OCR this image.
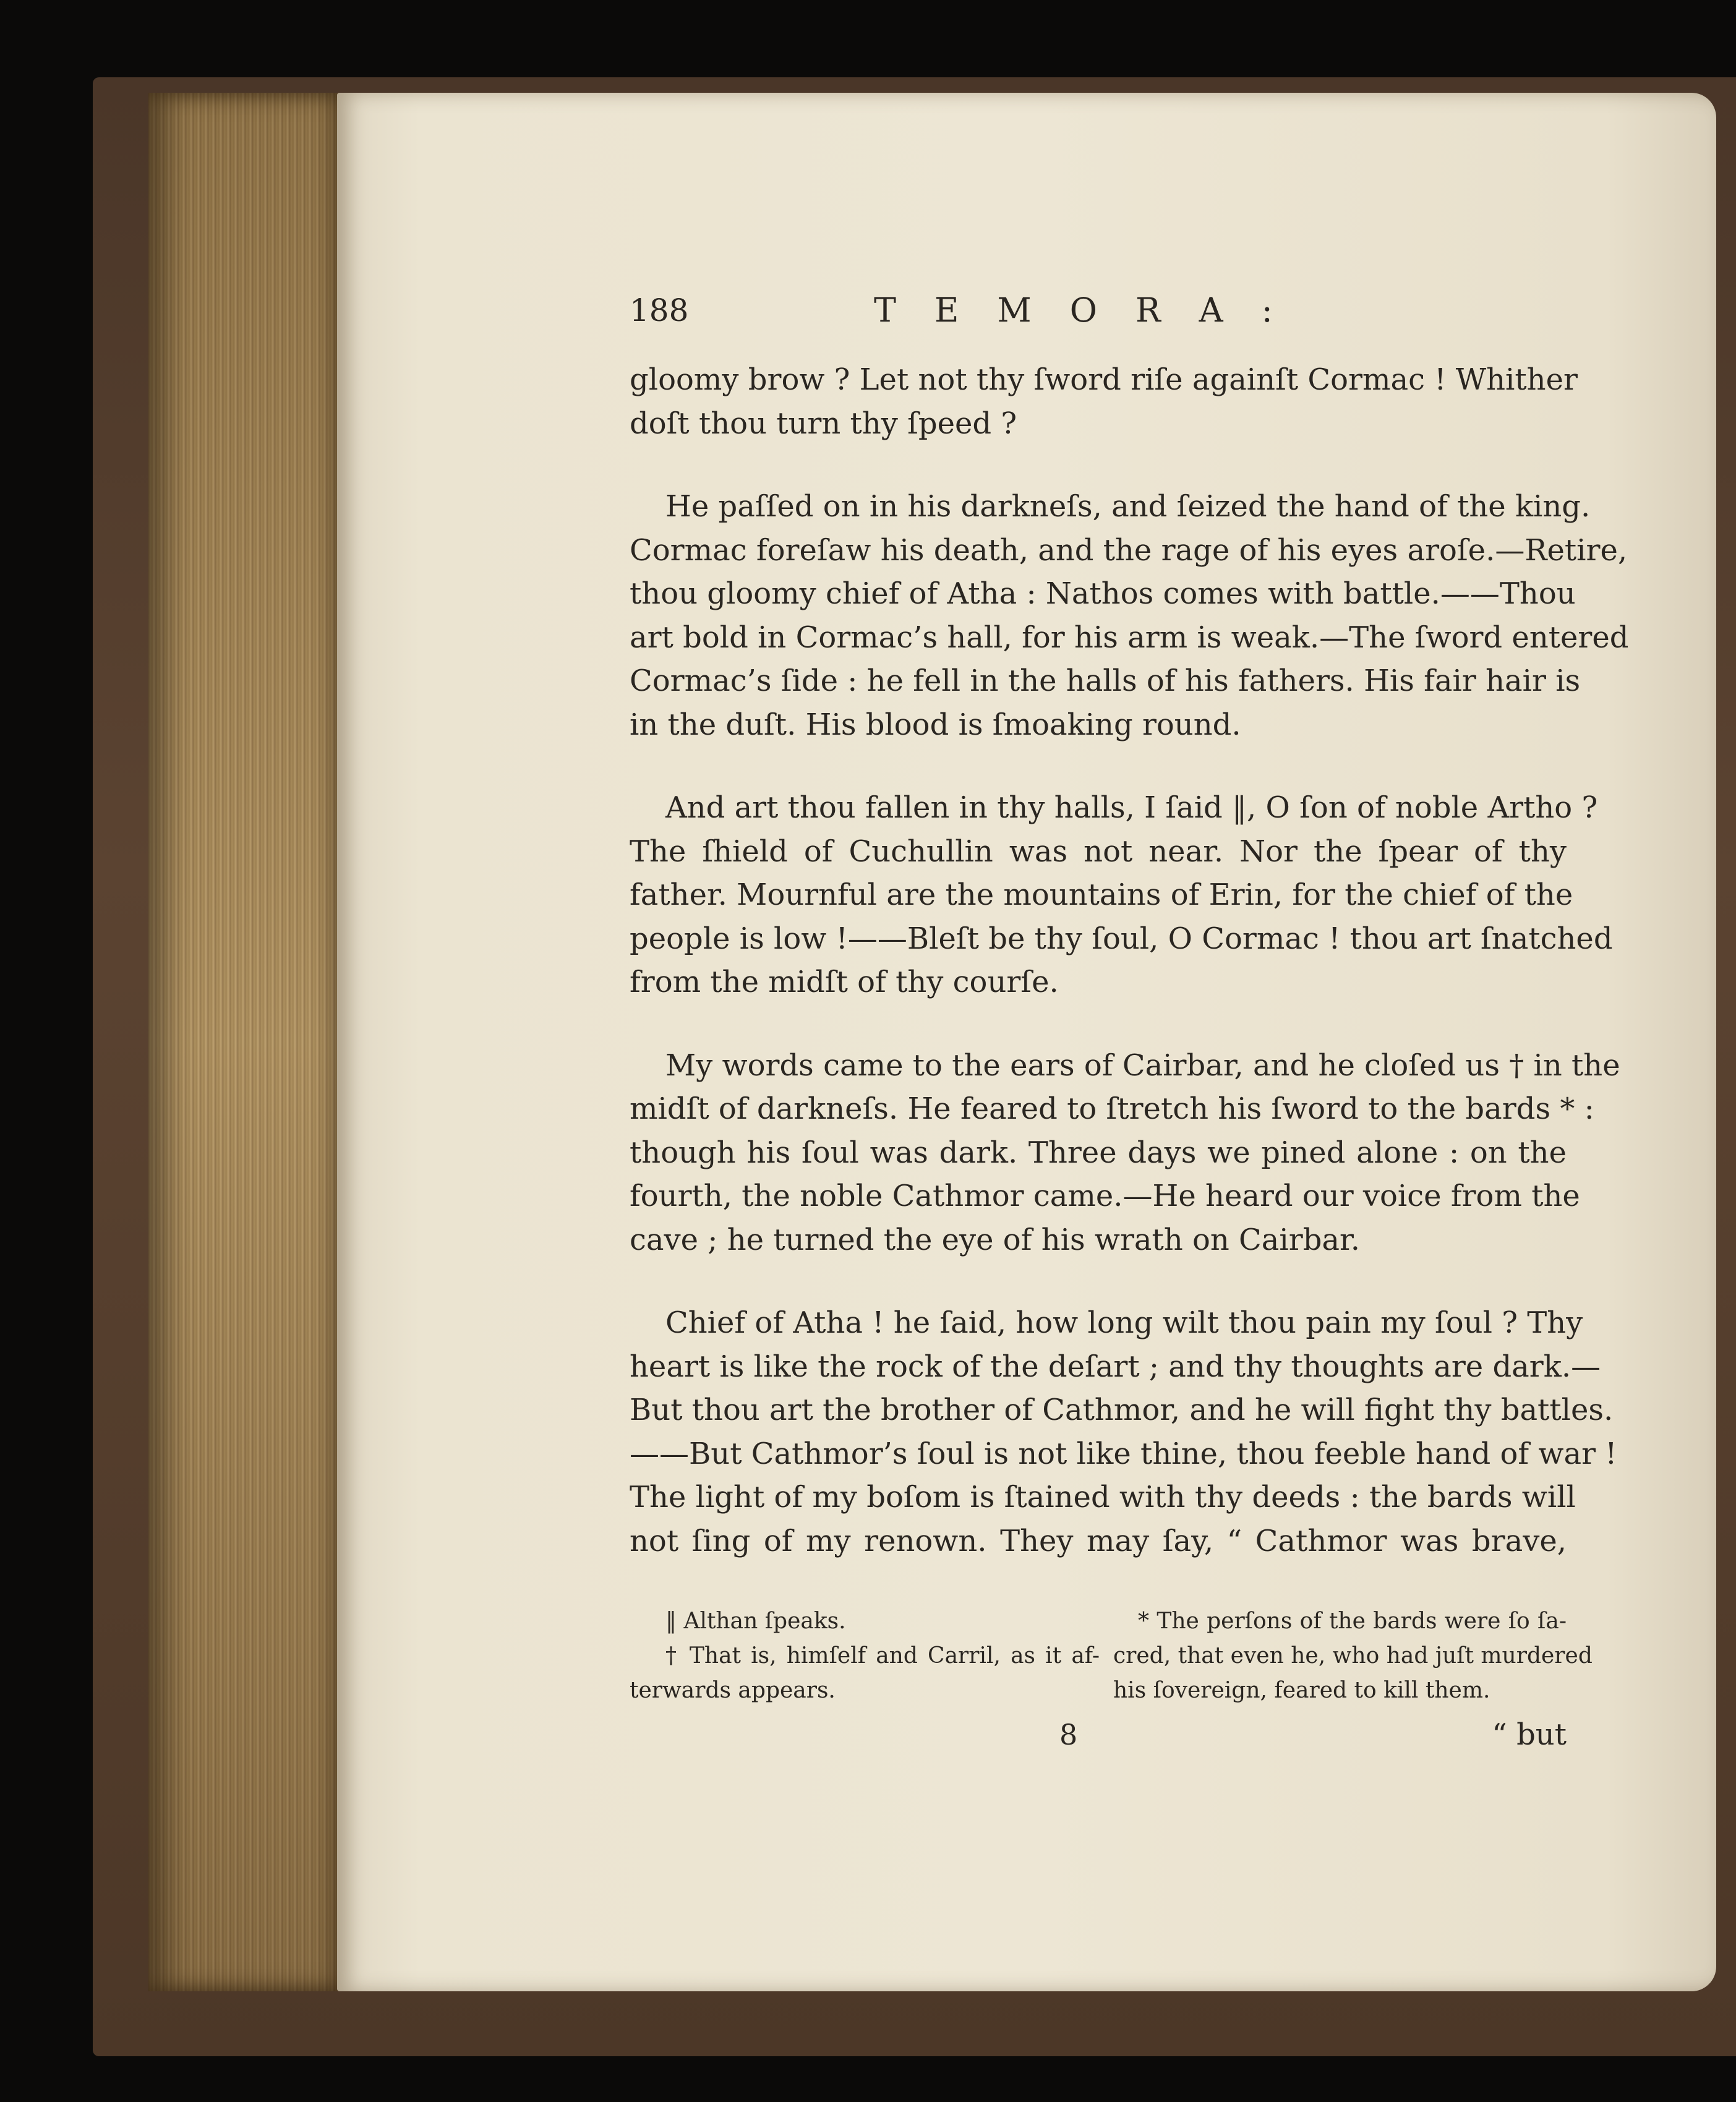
188	TEMORA:

gloomy brow ? Let not thy ſword riſe againſt Cormac ! Whither
doſt thou turn thy ſpeed ?

He paſſed on in his darkneſs, and ſeized the hand of the king.
Cormac foreſaw his death, and the rage of his eyes aroſe.—Retire,
thou gloomy chief of Atha : Nathos comes with battle.——Thou
art bold in Cormac’s hall, for his arm is weak.—The ſword entered
Cormac’s ſide : he fell in the halls of his fathers. His fair hair is
in the duſt. His blood is ſmoaking round.

And art thou fallen in thy halls, I ſaid ‖, O ſon of noble Artho ?
The ſhield of Cuchullin was not near. Nor the ſpear of thy
father. Mournful are the mountains of Erin, for the chief of the
people is low !——Bleſt be thy ſoul, O Cormac ! thou art ſnatched
from the midſt of thy courſe.

My words came to the ears of Cairbar, and he cloſed us † in the
midſt of darkneſs. He feared to ſtretch his ſword to the bards * :
though his ſoul was dark. Three days we pined alone : on the
fourth, the noble Cathmor came.—He heard our voice from the
cave ; he turned the eye of his wrath on Cairbar.

Chief of Atha ! he ſaid, how long wilt thou pain my ſoul ? Thy
heart is like the rock of the deſart ; and thy thoughts are dark.—
But thou art the brother of Cathmor, and he will fight thy battles.
——But Cathmor’s ſoul is not like thine, thou feeble hand of war !
The light of my boſom is ſtained with thy deeds : the bards will
not ſing of my renown. They may ſay, “ Cathmor was brave,

‖ Althan ſpeaks.
† That is, himſelf and Carril, as it af-
terwards appears.
* The perſons of the bards were ſo ſa-
cred, that even he, who had juſt murdered
his ſovereign, feared to kill them.
8	“ but
